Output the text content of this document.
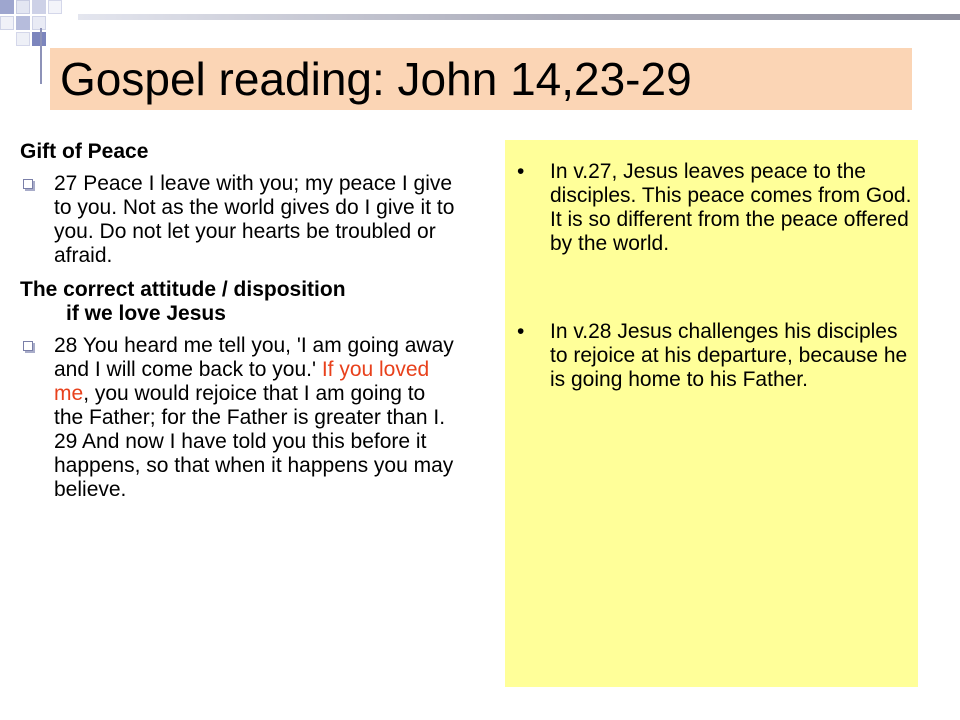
Gospel reading: John 14,23-29
Gift of Peace
27 Peace I leave with you; my peace I give to you. Not as the world gives do I give it to you. Do not let your hearts be troubled or afraid.
The correct attitude / disposition
if we love Jesus
28 You heard me tell you, 'I am going away and I will come back to you.' If you loved me, you would rejoice that I am going to the Father; for the Father is greater than I. 29 And now I have told you this before it happens, so that when it happens you may believe.
• In v.27, Jesus leaves peace to the disciples. This peace comes from God. It is so different from the peace offered by the world.
• In v.28 Jesus challenges his disciples to rejoice at his departure, because he is going home to his Father.
